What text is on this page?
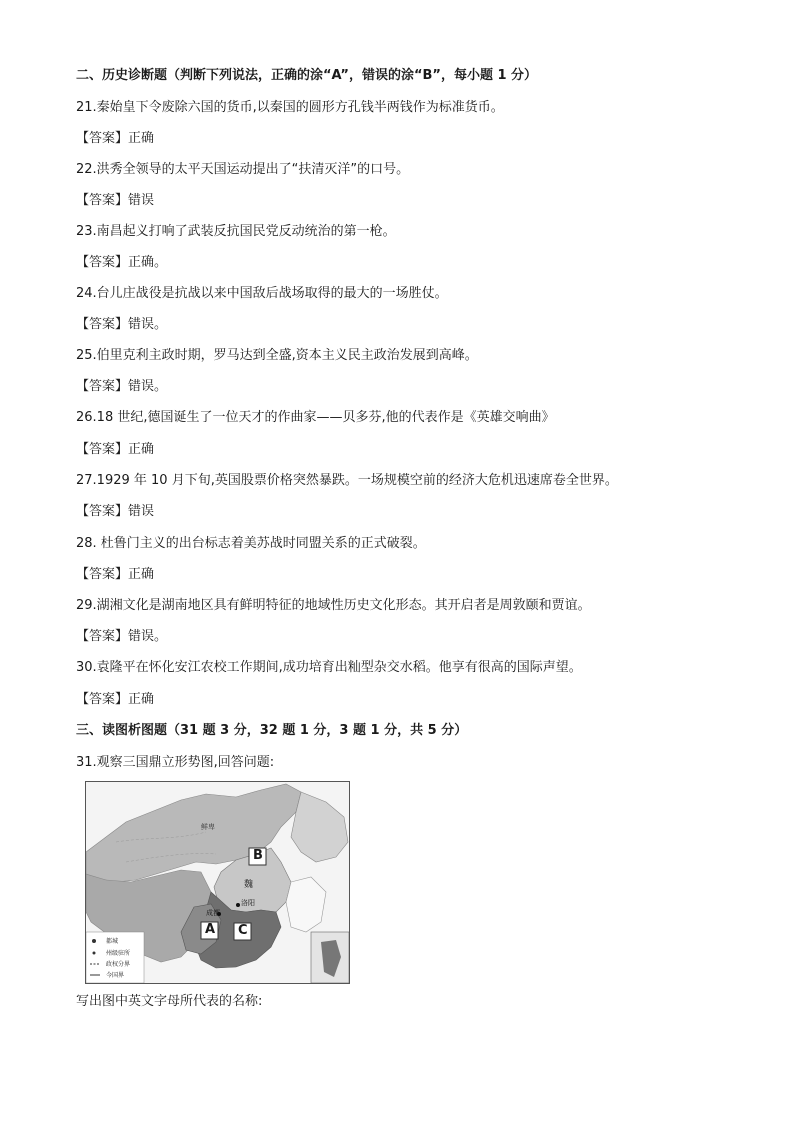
二、历史诊断题（判断下列说法，正确的涂“A”，错误的涂“B”，每小题 1 分）
21.秦始皇下令废除六国的货币,以秦国的圆形方孔钱半两钱作为标准货币。
【答案】正确
22.洪秀全领导的太平天国运动提出了“扶清灭洋”的口号。
【答案】错误
23.南昌起义打响了武装反抗国民党反动统治的第一枪。
【答案】正确。
24.台儿庄战役是抗战以来中国敌后战场取得的最大的一场胜仗。
【答案】错误。
25.伯里克利主政时期，罗马达到全盛,资本主义民主政治发展到高峰。
【答案】错误。
26.18 世纪,德国诞生了一位天才的作曲家——贝多芬,他的代表作是《英雄交响曲》
【答案】正确
27.1929 年 10 月下旬,英国股票价格突然暴跌。一场规模空前的经济大危机迅速席卷全世界。
【答案】错误
28. 杜鲁门主义的出台标志着美苏战时同盟关系的正式破裂。
【答案】正确
29.湖湘文化是湖南地区具有鲜明特征的地域性历史文化形态。其开启者是周敦颐和贾谊。
【答案】错误。
30.袁隆平在怀化安江农校工作期间,成功培育出籼型杂交水稻。他享有很高的国际声望。
【答案】正确
三、读图析图题（31 题 3 分，32 题 1 分，3 题 1 分，共 5 分）
31.观察三国鼎立形势图,回答问题:
B
A C
魏
洛阳
成都
鲜卑
都城
州级驻所
政权分界
今国界
写出图中英文字母所代表的名称:
